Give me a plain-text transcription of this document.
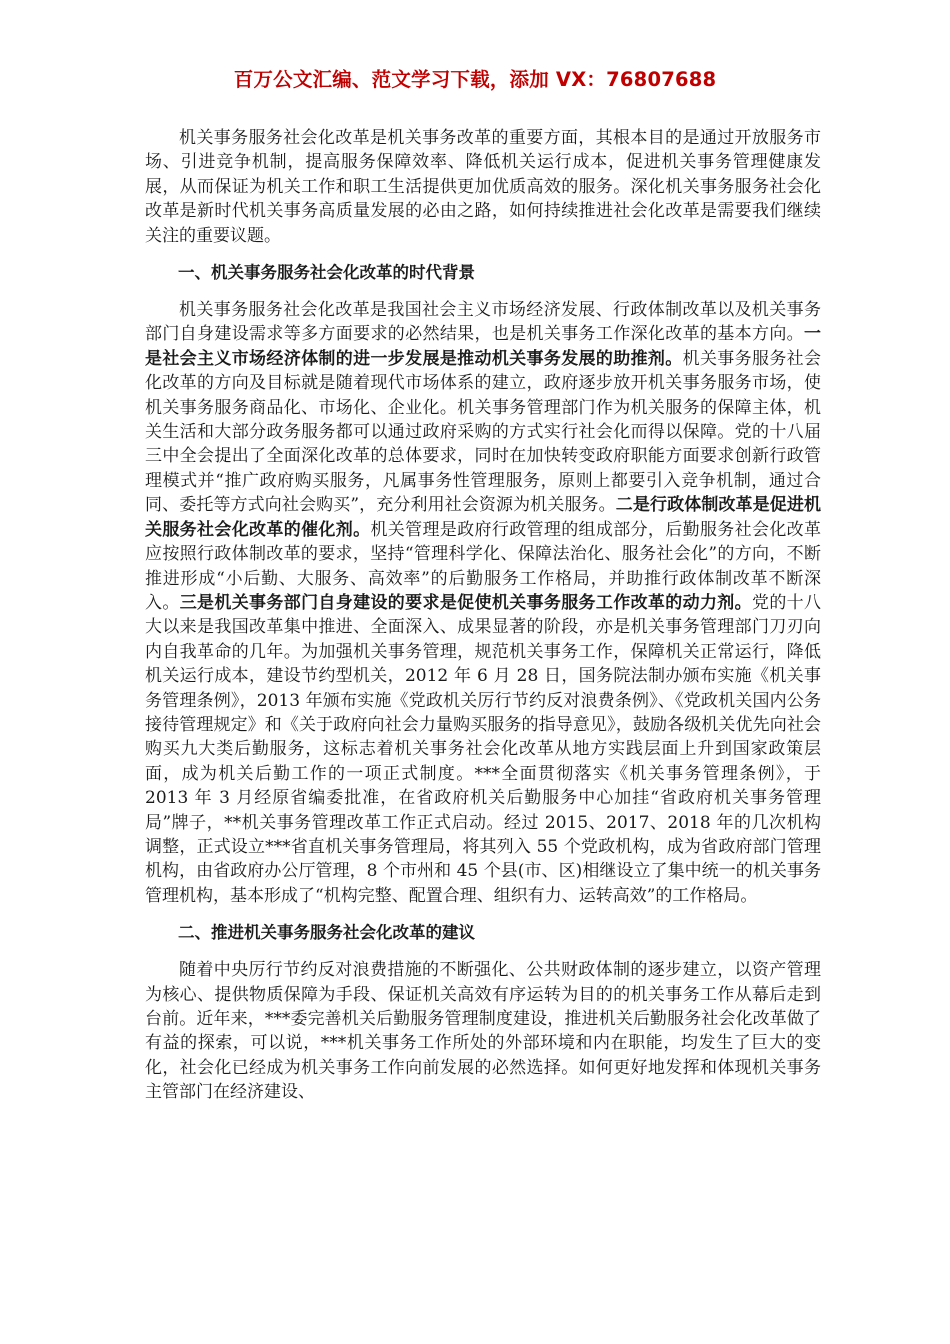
百万公文汇编、范文学习下载，添加 VX：76807688

机关事务服务社会化改革是机关事务改革的重要方面，其根本目的是通过开放服务市场、引进竞争机制，提高服务保障效率、降低机关运行成本，促进机关事务管理健康发展，从而保证为机关工作和职工生活提供更加优质高效的服务。深化机关事务服务社会化改革是新时代机关事务高质量发展的必由之路，如何持续推进社会化改革是需要我们继续关注的重要议题。

一、机关事务服务社会化改革的时代背景

机关事务服务社会化改革是我国社会主义市场经济发展、行政体制改革以及机关事务部门自身建设需求等多方面要求的必然结果，也是机关事务工作深化改革的基本方向。一是社会主义市场经济体制的进一步发展是推动机关事务发展的助推剂。机关事务服务社会化改革的方向及目标就是随着现代市场体系的建立，政府逐步放开机关事务服务市场，使机关事务服务商品化、市场化、企业化。机关事务管理部门作为机关服务的保障主体，机关生活和大部分政务服务都可以通过政府采购的方式实行社会化而得以保障。党的十八届三中全会提出了全面深化改革的总体要求，同时在加快转变政府职能方面要求创新行政管理模式并“推广政府购买服务，凡属事务性管理服务，原则上都要引入竞争机制，通过合同、委托等方式向社会购买”，充分利用社会资源为机关服务。二是行政体制改革是促进机关服务社会化改革的催化剂。机关管理是政府行政管理的组成部分，后勤服务社会化改革应按照行政体制改革的要求，坚持“管理科学化、保障法治化、服务社会化”的方向，不断推进形成“小后勤、大服务、高效率”的后勤服务工作格局，并助推行政体制改革不断深入。三是机关事务部门自身建设的要求是促使机关事务服务工作改革的动力剂。党的十八大以来是我国改革集中推进、全面深入、成果显著的阶段，亦是机关事务管理部门刀刃向内自我革命的几年。为加强机关事务管理，规范机关事务工作，保障机关正常运行，降低机关运行成本，建设节约型机关，2012 年 6 月 28 日，国务院法制办颁布实施《机关事务管理条例》，2013 年颁布实施《党政机关厉行节约反对浪费条例》、《党政机关国内公务接待管理规定》和《关于政府向社会力量购买服务的指导意见》，鼓励各级机关优先向社会购买九大类后勤服务，这标志着机关事务社会化改革从地方实践层面上升到国家政策层面，成为机关后勤工作的一项正式制度。***全面贯彻落实《机关事务管理条例》，于 2013 年 3 月经原省编委批准，在省政府机关后勤服务中心加挂“省政府机关事务管理局”牌子，**机关事务管理改革工作正式启动。经过 2015、2017、2018 年的几次机构调整，正式设立***省直机关事务管理局，将其列入 55 个党政机构，成为省政府部门管理机构，由省政府办公厅管理，8 个市州和 45 个县(市、区)相继设立了集中统一的机关事务管理机构，基本形成了“机构完整、配置合理、组织有力、运转高效”的工作格局。

二、推进机关事务服务社会化改革的建议

随着中央厉行节约反对浪费措施的不断强化、公共财政体制的逐步建立，以资产管理为核心、提供物质保障为手段、保证机关高效有序运转为目的的机关事务工作从幕后走到台前。近年来，***委完善机关后勤服务管理制度建设，推进机关后勤服务社会化改革做了有益的探索，可以说，***机关事务工作所处的外部环境和内在职能，均发生了巨大的变化，社会化已经成为机关事务工作向前发展的必然选择。如何更好地发挥和体现机关事务主管部门在经济建设、
